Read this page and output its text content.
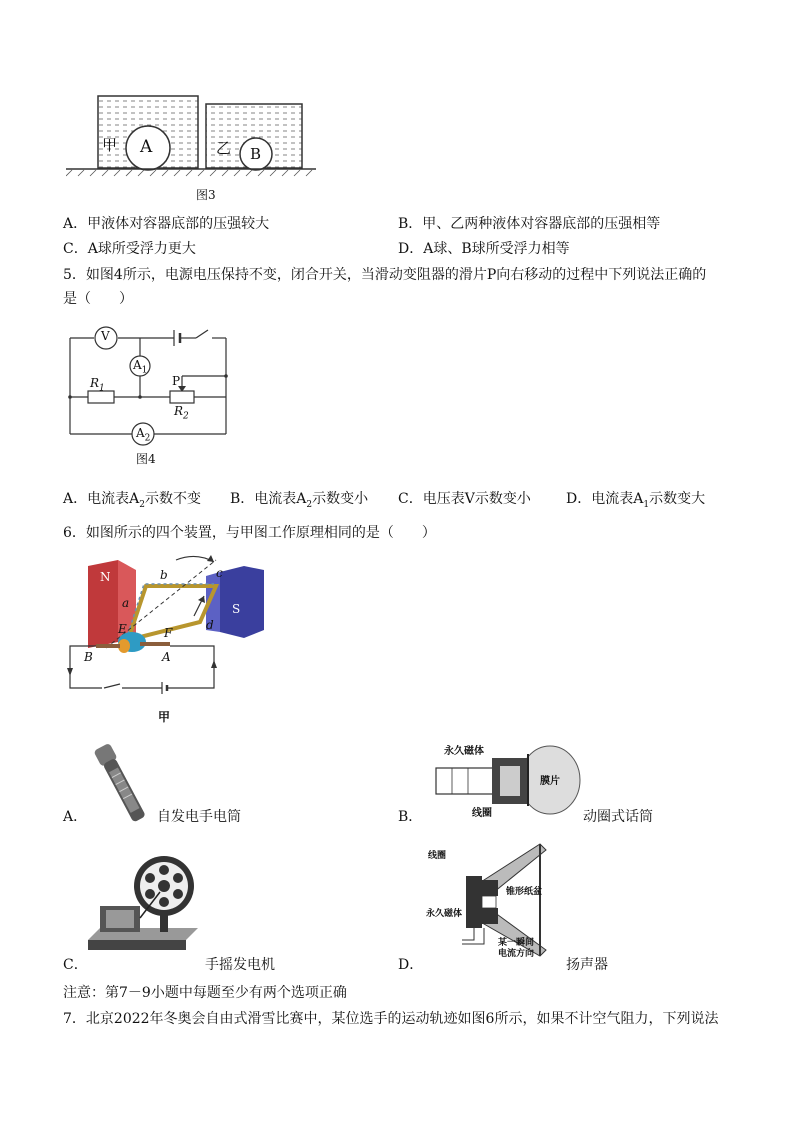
甲 A	乙 B
图3
A．甲液体对容器底部的压强较大	B．甲、乙两种液体对容器底部的压强相等
C．A球所受浮力更大	D．A球、B球所受浮力相等
5．如图4所示，电源电压保持不变，闭合开关，当滑动变阻器的滑片P向右移动的过程中下列说法正确的
是（　　）
V
$A_1$
$A_2$
P
$R_1$
$R_2$
图4
A．电流表$A_2$示数不变 B．电流表$A_2$示数变小 C．电压表V示数变小	D．电流表$A_1$示数变大
6．如图所示的四个装置，与甲图工作原理相同的是（　　）
N
S
a
b	c
d
E	F
B	A
甲
A．	自发电手电筒	B．
永久磁体
膜片
线圈	动圈式话筒
C．	手摇发电机	D．
线圈
锥形纸盆
永久磁体
某一瞬间
电流方向
扬声器
注意：第7－9小题中每题至少有两个选项正确
7．北京2022年冬奥会自由式滑雪比赛中，某位选手的运动轨迹如图6所示，如果不计空气阻力，下列说法
